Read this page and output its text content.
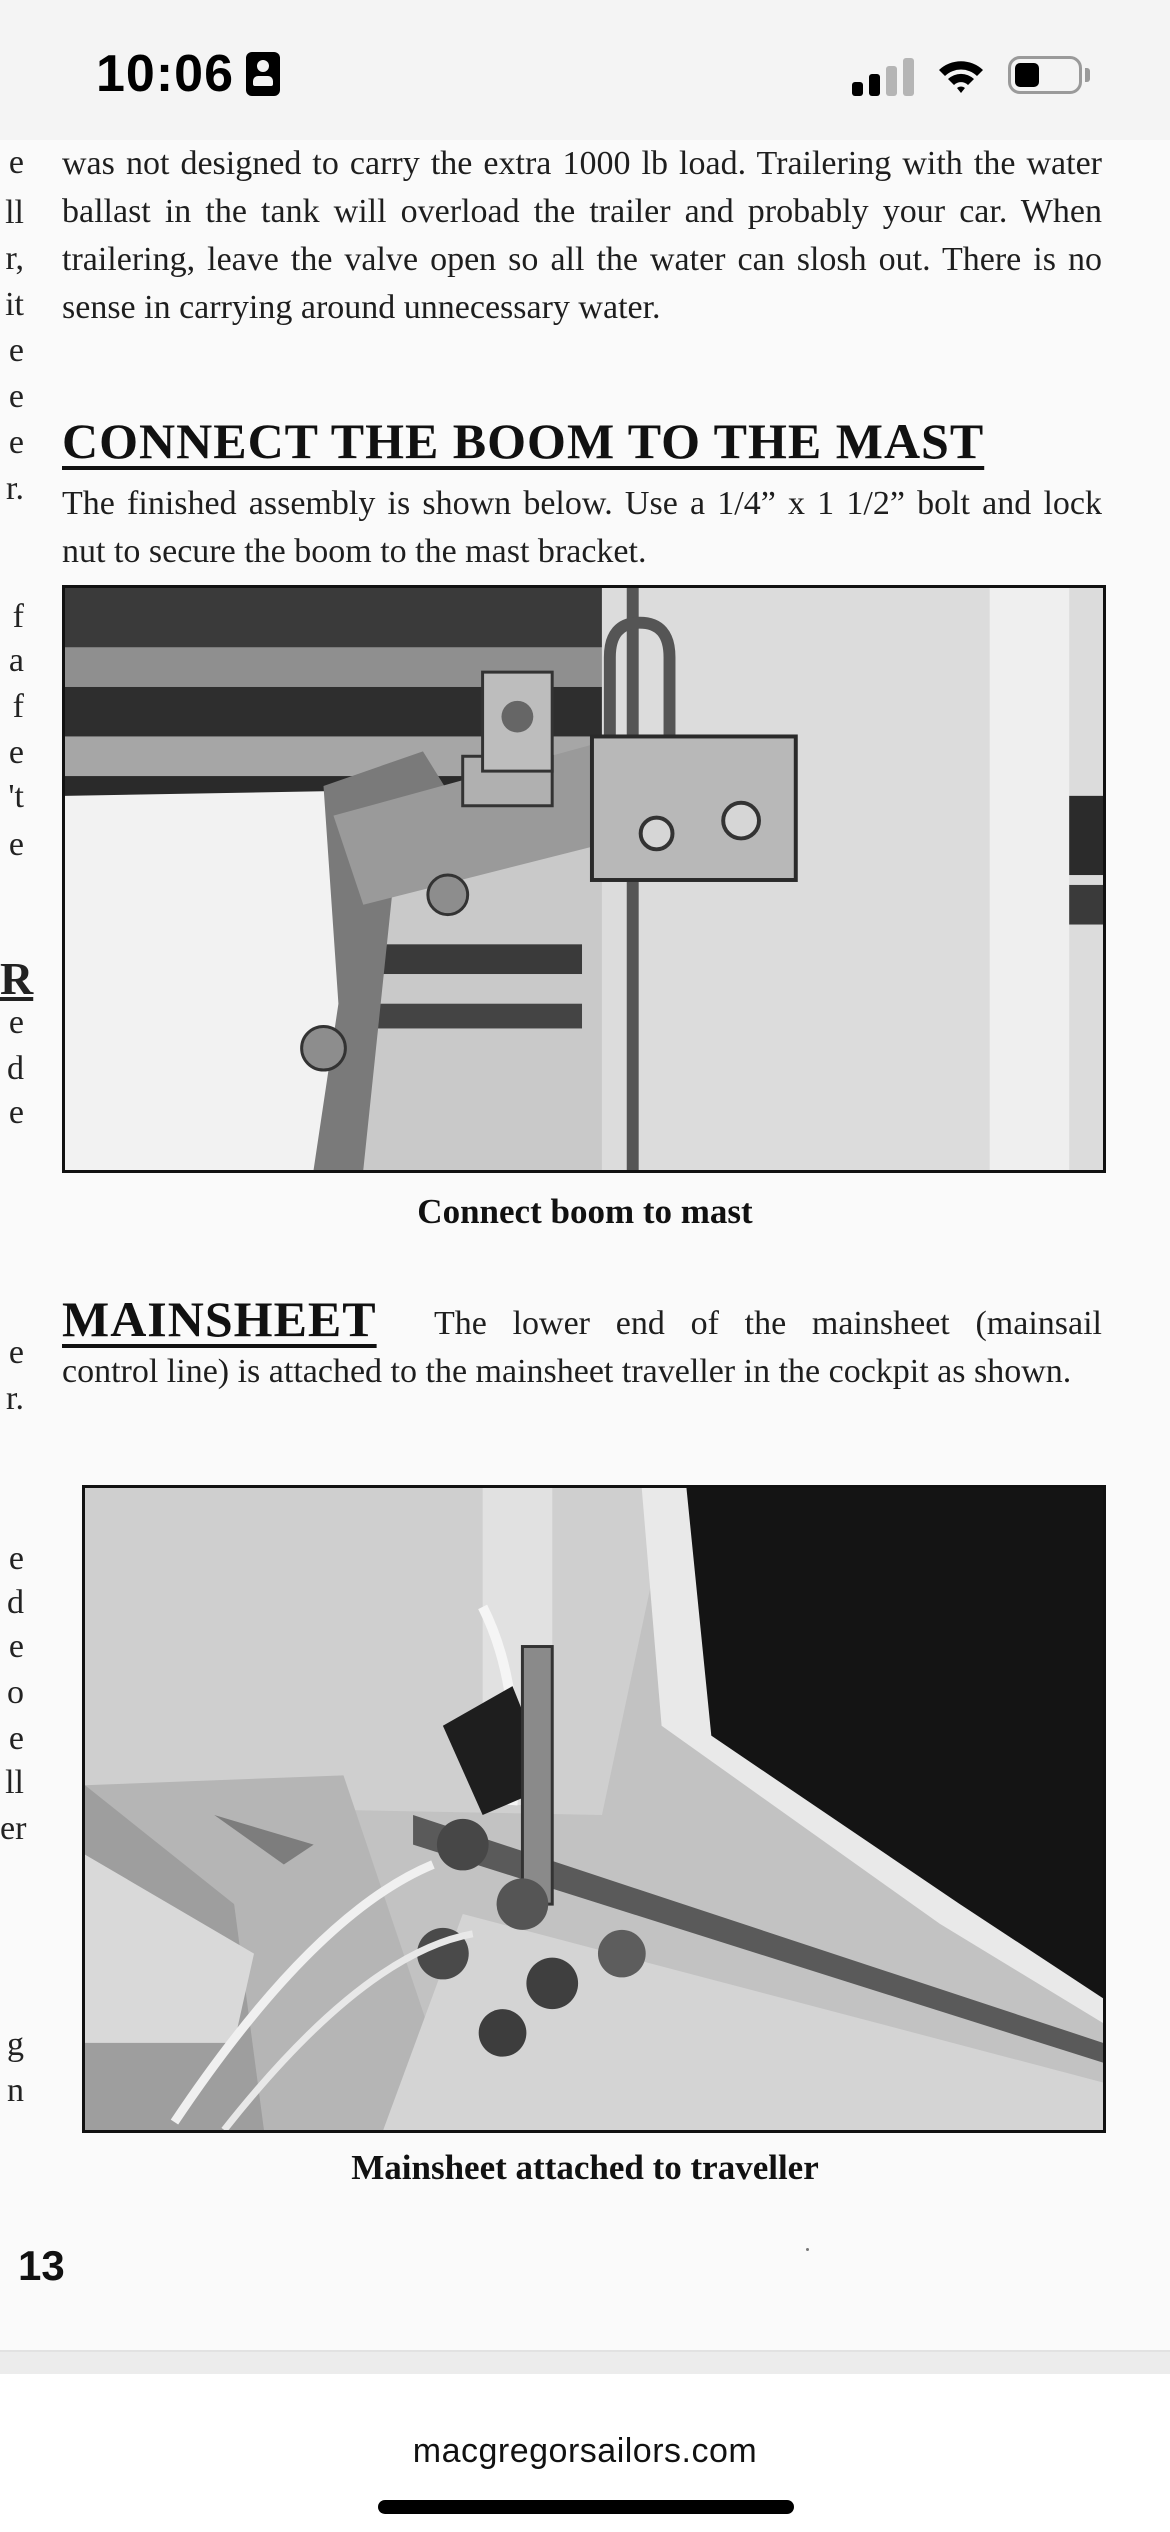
10:06
e
ll
r,
it
e
e
e
r.
f
a
f
e
't
e
R
e
d
e
e
r.
e
d
e
o
e
ll
er
g
n

was not designed to carry the extra 1000 lb load. Trailering with the water ballast in the tank will overload the trailer and probably your car. When trailering, leave the valve open so all the water can slosh out. There is no sense in carrying around unnecessary water.

CONNECT THE BOOM TO THE MAST

The finished assembly is shown below. Use a 1/4” x 1 1/2” bolt and lock nut to secure the boom to the mast bracket.

Connect boom to mast
MAINSHEET	The lower end of the mainsheet (mainsail control line) is attached to the mainsheet traveller in the cockpit as shown.

Mainsheet attached to traveller
13
macgregorsailors.com
